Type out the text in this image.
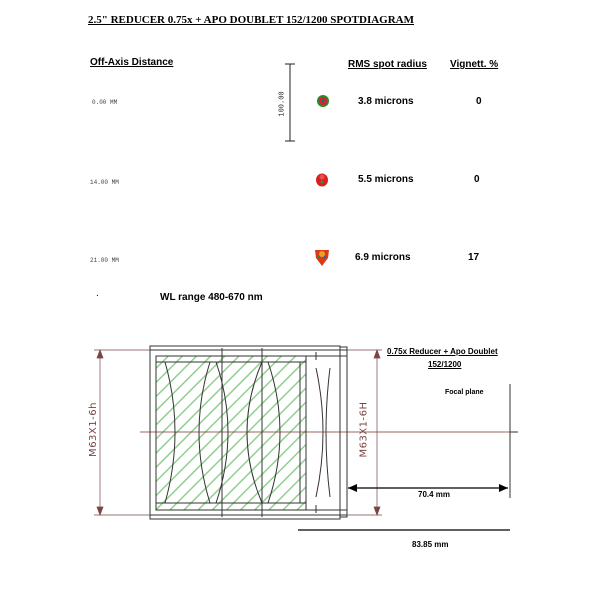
2.5" REDUCER 0.75x + APO DOUBLET 152/1200 SPOTDIAGRAM
Off-Axis Distance	RMS spot radius Vignett. %
100.00
0.00 MM	3.8 microns	0
14.00 MM	5.5 microns	0
21.00 MM	6.9 microns	17
.	WL range 480-670 nm
0.75x Reducer + Apo Doublet
152/1200
Focal plane
70.4 mm
83.85 mm
M63X1-6h	M63X1-6H
